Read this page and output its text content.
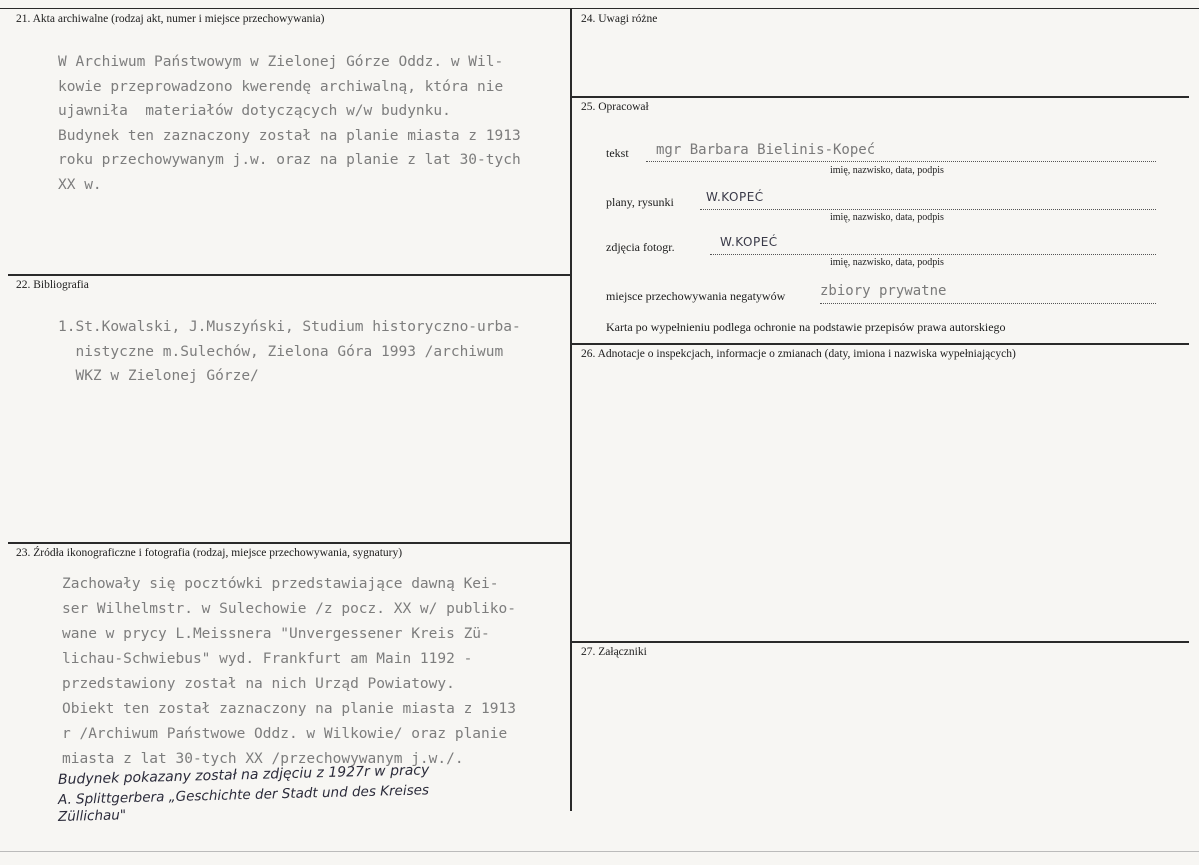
21. Akta archiwalne (rodzaj akt, numer i miejsce przechowywania)
W Archiwum Państwowym w Zielonej Górze Oddz. w Wil-
kowie przeprowadzono kwerendę archiwalną, która nie
ujawniła  materiałów dotyczących w/w budynku.
Budynek ten zaznaczony został na planie miasta z 1913
roku przechowywanym j.w. oraz na planie z lat 30-tych
XX w.
22. Bibliografia
1.St.Kowalski, J.Muszyński, Studium historyczno-urba-
nistyczne m.Sulechów, Zielona Góra 1993 /archiwum
WKZ w Zielonej Górze/
23. Źródła ikonograficzne i fotografia (rodzaj, miejsce przechowywania, sygnatury)
Zachowały się pocztówki przedstawiające dawną Kei-
ser Wilhelmstr. w Sulechowie /z pocz. XX w/ publiko-
wane w prycy L.Meissnera "Unvergessener Kreis Zü-
lichau-Schwiebus" wyd. Frankfurt am Main 1192 -
przedstawiony został na nich Urząd Powiatowy.
Obiekt ten został zaznaczony na planie miasta z 1913
r /Archiwum Państwowe Oddz. w Wilkowie/ oraz planie
miasta z lat 30-tych XX /przechowywanym j.w./.
Budynek pokazany został na zdjęciu z 1927r w pracy
A. Splittgerbera „Geschichte der Stadt und des Kreises
Züllichau"
24. Uwagi różne
25. Opracował
tekst mgr Barbara Bielinis-Kopeć
imię, nazwisko, data, podpis
plany, rysunki	W.KOPEĆ
imię, nazwisko, data, podpis
zdjęcia fotogr.	W.KOPEĆ
imię, nazwisko, data, podpis
miejsce przechowywania negatywów zbiory prywatne
Karta po wypełnieniu podlega ochronie na podstawie przepisów prawa autorskiego
26. Adnotacje o inspekcjach, informacje o zmianach (daty, imiona i nazwiska wypełniających)
27. Załączniki
